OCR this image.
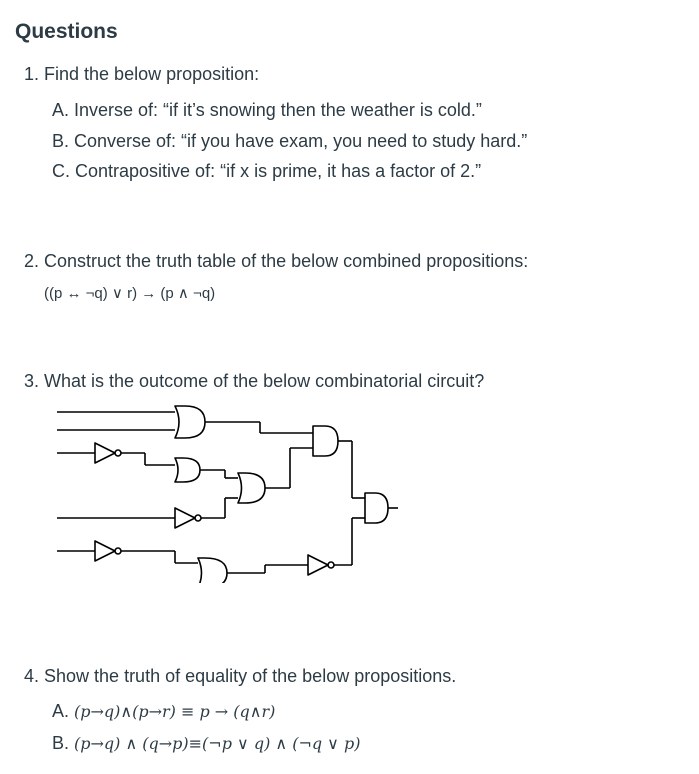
Questions
1. Find the below proposition:
A. Inverse of: “if it’s snowing then the weather is cold.”
B. Converse of: “if you have exam, you need to study hard.”
C. Contrapositive of: “if x is prime, it has a factor of 2.”
2. Construct the truth table of the below combined propositions:
((p ↔ ¬q) ∨ r) → (p ∧ ¬q)
3. What is the outcome of the below combinatorial circuit?
4. Show the truth of equality of the below propositions.
A. (p→q)∧(p→r) ≡ p → (q∧r)
B. (p→q) ∧ (q→p)≡(¬p ∨ q) ∧ (¬q ∨ p)
